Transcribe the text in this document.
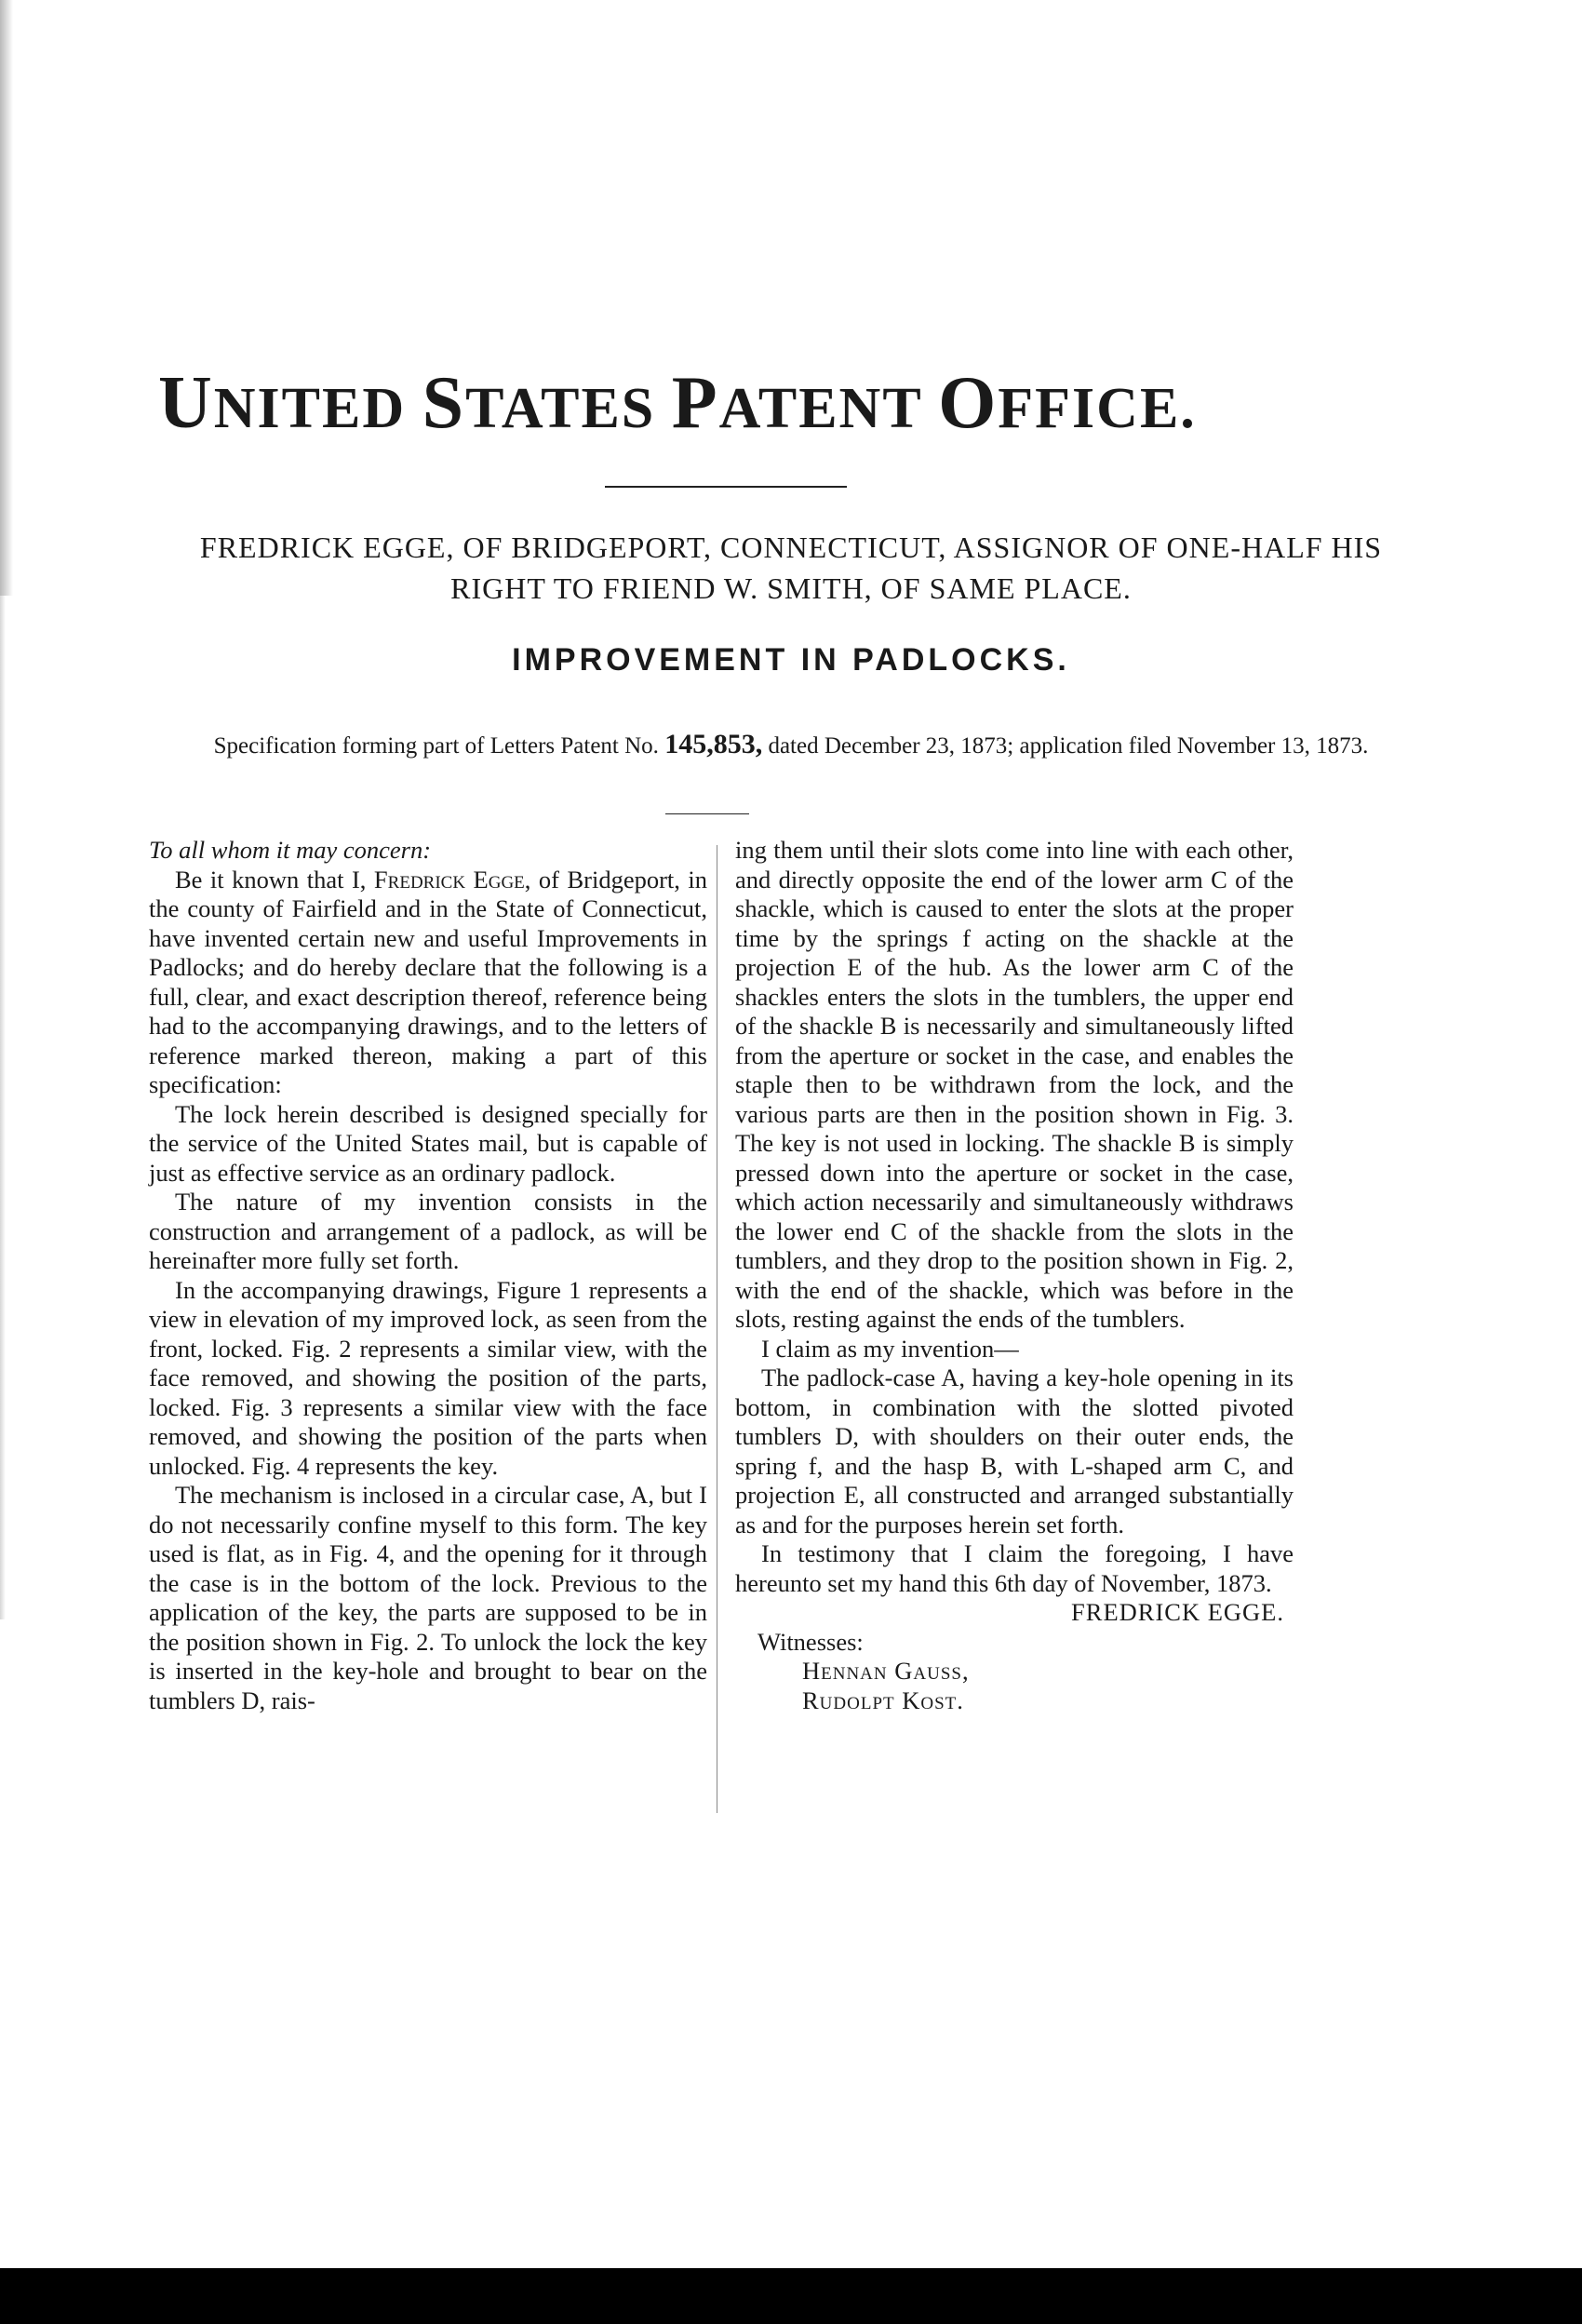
UNITED STATES PATENT OFFICE.
FREDRICK EGGE, OF BRIDGEPORT, CONNECTICUT, ASSIGNOR OF ONE-HALF HIS RIGHT TO FRIEND W. SMITH, OF SAME PLACE.
IMPROVEMENT IN PADLOCKS.
Specification forming part of Letters Patent No. 145,853, dated December 23, 1873; application filed November 13, 1873.

To all whom it may concern:

Be it known that I, Fredrick Egge, of Bridgeport, in the county of Fairfield and in the State of Connecticut, have invented certain new and useful Improvements in Padlocks; and do hereby declare that the following is a full, clear, and exact description thereof, reference being had to the accompanying drawings, and to the letters of reference marked thereon, making a part of this specification:

The lock herein described is designed specially for the service of the United States mail, but is capable of just as effective service as an ordinary padlock.

The nature of my invention consists in the construction and arrangement of a padlock, as will be hereinafter more fully set forth.

In the accompanying drawings, Figure 1 represents a view in elevation of my improved lock, as seen from the front, locked. Fig. 2 represents a similar view, with the face removed, and showing the position of the parts, locked. Fig. 3 represents a similar view with the face removed, and showing the position of the parts when unlocked. Fig. 4 represents the key.

The mechanism is inclosed in a circular case, A, but I do not necessarily confine myself to this form. The key used is flat, as in Fig. 4, and the opening for it through the case is in the bottom of the lock. Previous to the application of the key, the parts are supposed to be in the position shown in Fig. 2. To unlock the lock the key is inserted in the key-hole and brought to bear on the tumblers D, rais-

ing them until their slots come into line with each other, and directly opposite the end of the lower arm C of the shackle, which is caused to enter the slots at the proper time by the springs f acting on the shackle at the projection E of the hub. As the lower arm C of the shackles enters the slots in the tumblers, the upper end of the shackle B is necessarily and simultaneously lifted from the aperture or socket in the case, and enables the staple then to be withdrawn from the lock, and the various parts are then in the position shown in Fig. 3. The key is not used in locking. The shackle B is simply pressed down into the aperture or socket in the case, which action necessarily and simultaneously withdraws the lower end C of the shackle from the slots in the tumblers, and they drop to the position shown in Fig. 2, with the end of the shackle, which was before in the slots, resting against the ends of the tumblers.

I claim as my invention—

The padlock-case A, having a key-hole opening in its bottom, in combination with the slotted pivoted tumblers D, with shoulders on their outer ends, the spring f, and the hasp B, with L-shaped arm C, and projection E, all constructed and arranged substantially as and for the purposes herein set forth.

In testimony that I claim the foregoing, I have hereunto set my hand this 6th day of November, 1873.

FREDRICK EGGE.

Witnesses:

Hennan Gauss,

Rudolpt Kost.
